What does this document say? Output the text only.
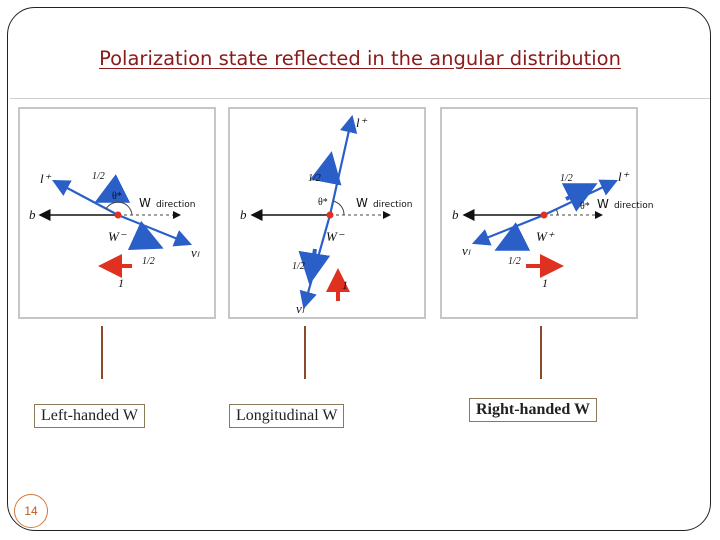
Polarization state reflected in the angular distribution
l⁺	1/2
θ*
b
W⁻
1/2
νₗ
1
W direction
l⁺
1/2
θ*
b
W⁻
1/2
1
νₗ
W direction
1/2	l⁺
θ*
b
W⁺
νₗ
1/2
1
W direction
Left-handed W	Longitudinal W	Right-handed W
14
